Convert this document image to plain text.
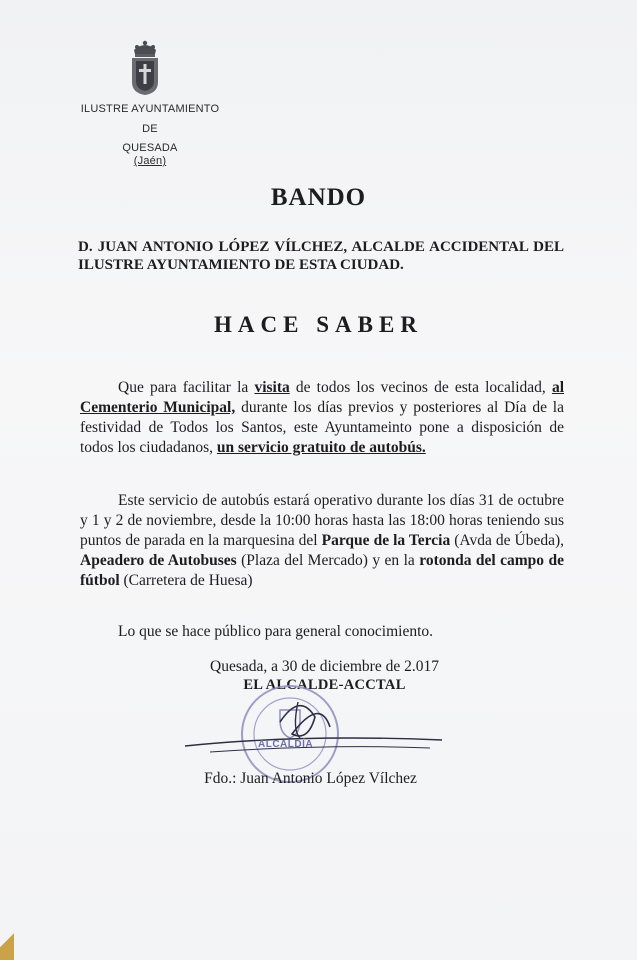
ILUSTRE AYUNTAMIENTO
DE
QUESADA
(Jaén)
BANDO
D. JUAN ANTONIO LÓPEZ VÍLCHEZ, ALCALDE ACCIDENTAL DEL ILUSTRE AYUNTAMIENTO DE ESTA CIUDAD.
HACE SABER
Que para facilitar la visita de todos los vecinos de esta localidad, al Cementerio Municipal, durante los días previos y posteriores al Día de la festividad de Todos los Santos, este Ayuntameinto pone a disposición de todos los ciudadanos, un servicio gratuito de autobús.
Este servicio de autobús estará operativo durante los días 31 de octubre y 1 y 2 de noviembre, desde la 10:00 horas hasta las 18:00 horas teniendo sus puntos de parada en la marquesina del Parque de la Tercia (Avda de Úbeda), Apeadero de Autobuses (Plaza del Mercado) y en la rotonda del campo de fútbol (Carretera de Huesa)
Lo que se hace público para general conocimiento.
Quesada, a 30 de diciembre de 2.017
EL ALCALDE-ACCTAL
ALCALDÍA
Fdo.: Juan Antonio López Vílchez
